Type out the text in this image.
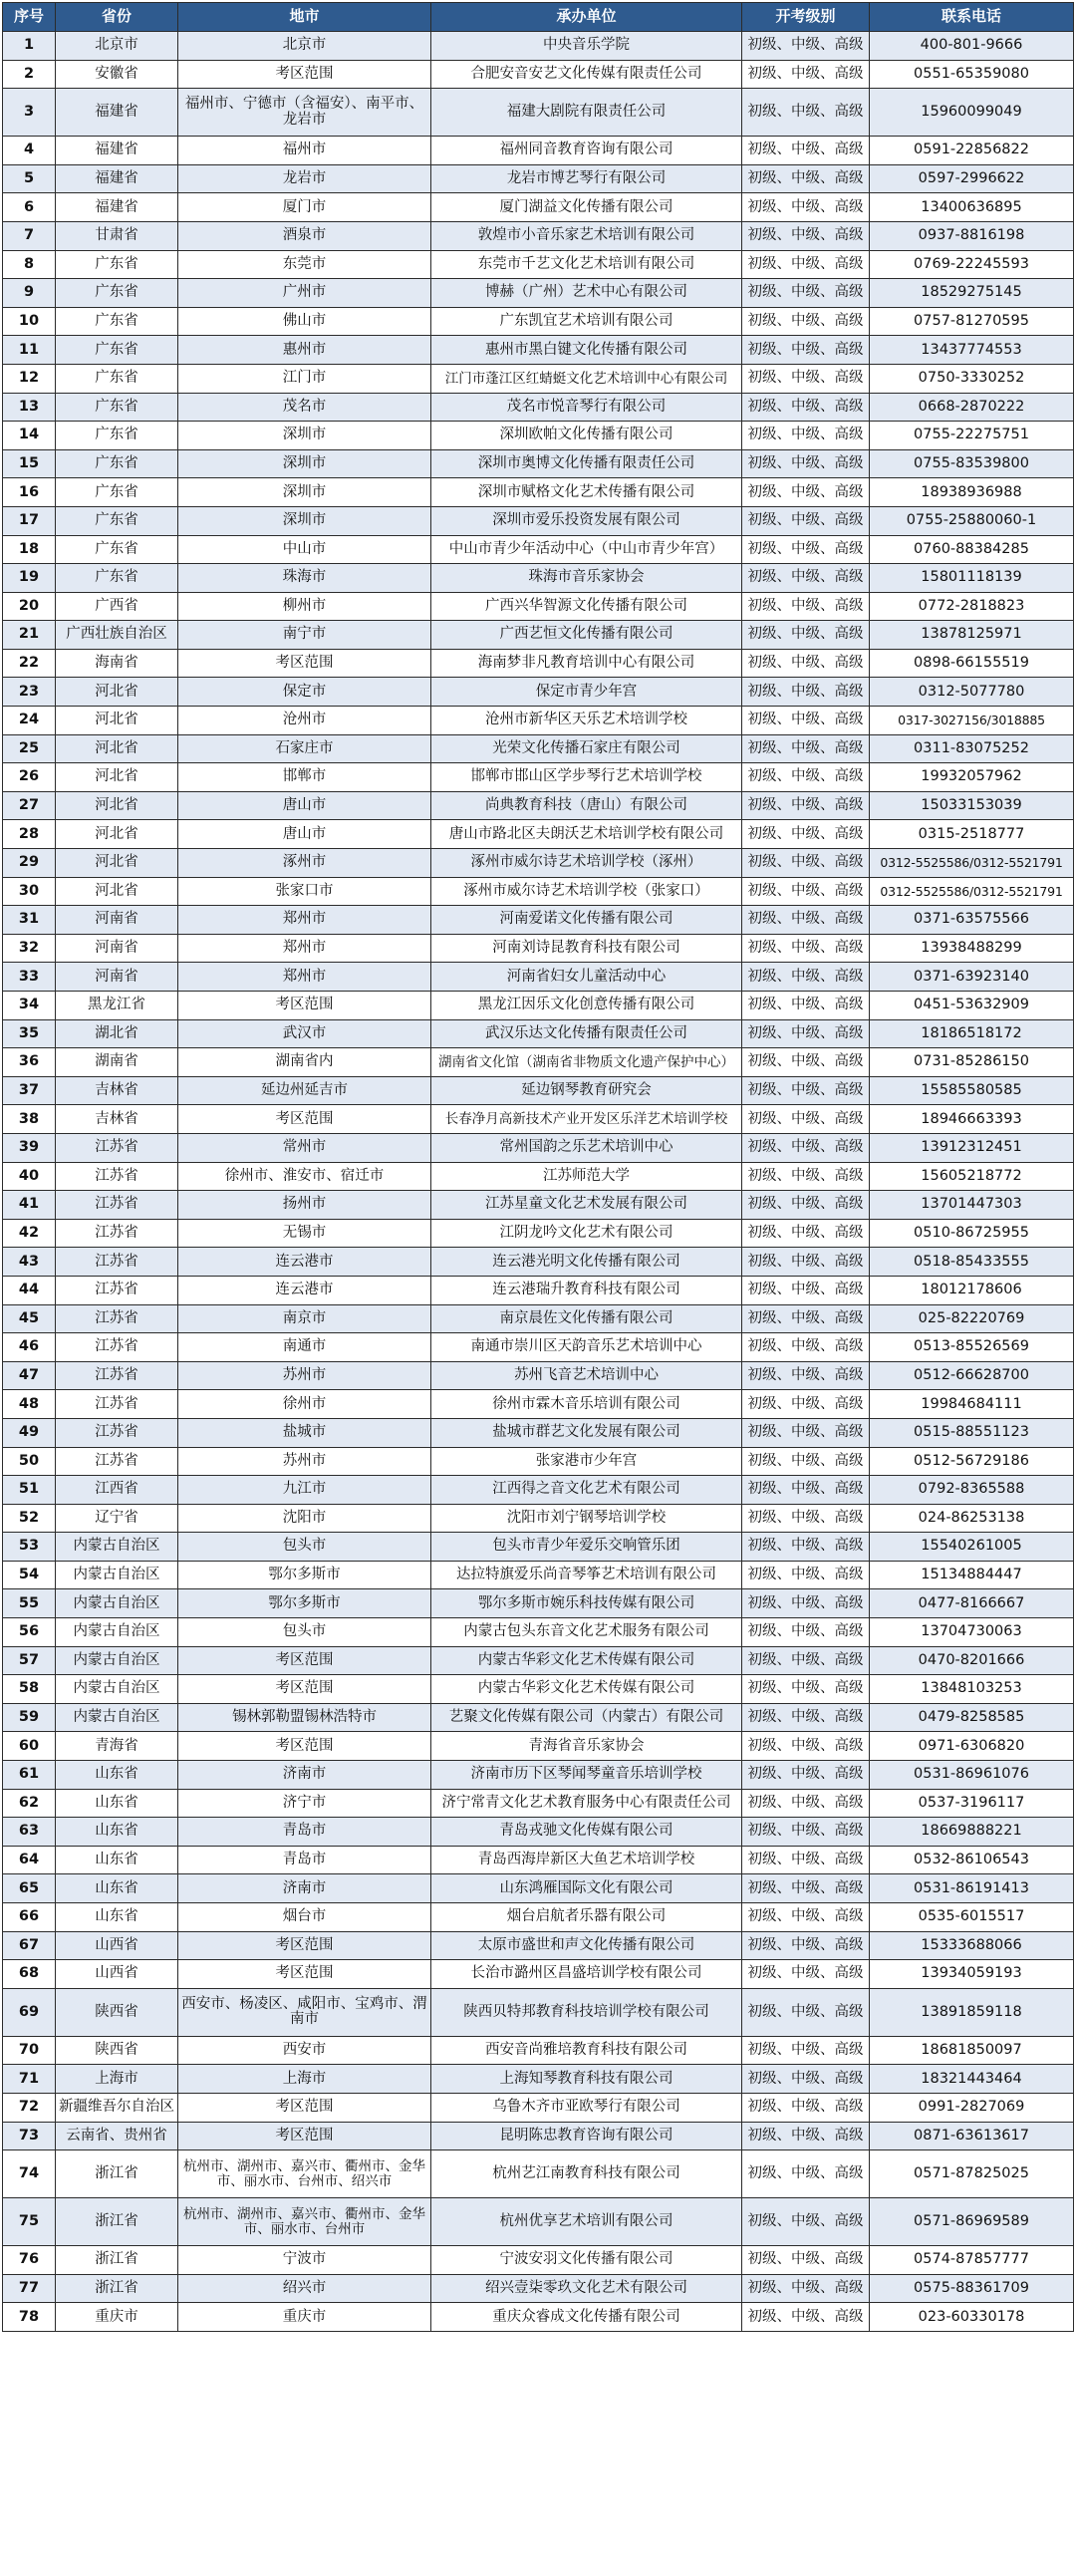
序号	省份	地市	承办单位	开考级别	联系电话
1	北京市	北京市	中央音乐学院	初级、中级、高级	400-801-9666
2	安徽省	考区范围	合肥安音安艺文化传媒有限责任公司	初级、中级、高级	0551-65359080
3	福建省	福州市、宁德市（含福安）、南平市、龙岩市	福建大剧院有限责任公司	初级、中级、高级	15960099049
4	福建省	福州市	福州同音教育咨询有限公司	初级、中级、高级	0591-22856822
5	福建省	龙岩市	龙岩市博艺琴行有限公司	初级、中级、高级	0597-2996622
6	福建省	厦门市	厦门湖益文化传播有限公司	初级、中级、高级	13400636895
7	甘肃省	酒泉市	敦煌市小音乐家艺术培训有限公司	初级、中级、高级	0937-8816198
8	广东省	东莞市	东莞市千艺文化艺术培训有限公司	初级、中级、高级	0769-22245593
9	广东省	广州市	博赫（广州）艺术中心有限公司	初级、中级、高级	18529275145
10	广东省	佛山市	广东凯宜艺术培训有限公司	初级、中级、高级	0757-81270595
11	广东省	惠州市	惠州市黑白键文化传播有限公司	初级、中级、高级	13437774553
12	广东省	江门市	江门市蓬江区红蜻蜓文化艺术培训中心有限公司	初级、中级、高级	0750-3330252
13	广东省	茂名市	茂名市悦音琴行有限公司	初级、中级、高级	0668-2870222
14	广东省	深圳市	深圳欧帕文化传播有限公司	初级、中级、高级	0755-22275751
15	广东省	深圳市	深圳市奥博文化传播有限责任公司	初级、中级、高级	0755-83539800
16	广东省	深圳市	深圳市赋格文化艺术传播有限公司	初级、中级、高级	18938936988
17	广东省	深圳市	深圳市爱乐投资发展有限公司	初级、中级、高级	0755-25880060-1
18	广东省	中山市	中山市青少年活动中心（中山市青少年宫）	初级、中级、高级	0760-88384285
19	广东省	珠海市	珠海市音乐家协会	初级、中级、高级	15801118139
20	广西省	柳州市	广西兴华智源文化传播有限公司	初级、中级、高级	0772-2818823
21	广西壮族自治区	南宁市	广西艺恒文化传播有限公司	初级、中级、高级	13878125971
22	海南省	考区范围	海南梦非凡教育培训中心有限公司	初级、中级、高级	0898-66155519
23	河北省	保定市	保定市青少年宫	初级、中级、高级	0312-5077780
24	河北省	沧州市	沧州市新华区天乐艺术培训学校	初级、中级、高级	0317-3027156/3018885
25	河北省	石家庄市	光荣文化传播石家庄有限公司	初级、中级、高级	0311-83075252
26	河北省	邯郸市	邯郸市邯山区学步琴行艺术培训学校	初级、中级、高级	19932057962
27	河北省	唐山市	尚典教育科技（唐山）有限公司	初级、中级、高级	15033153039
28	河北省	唐山市	唐山市路北区夫朗沃艺术培训学校有限公司	初级、中级、高级	0315-2518777
29	河北省	涿州市	涿州市威尔诗艺术培训学校（涿州）	初级、中级、高级	0312-5525586/0312-5521791
30	河北省	张家口市	涿州市威尔诗艺术培训学校（张家口）	初级、中级、高级	0312-5525586/0312-5521791
31	河南省	郑州市	河南爱诺文化传播有限公司	初级、中级、高级	0371-63575566
32	河南省	郑州市	河南刘诗昆教育科技有限公司	初级、中级、高级	13938488299
33	河南省	郑州市	河南省妇女儿童活动中心	初级、中级、高级	0371-63923140
34	黑龙江省	考区范围	黑龙江因乐文化创意传播有限公司	初级、中级、高级	0451-53632909
35	湖北省	武汉市	武汉乐达文化传播有限责任公司	初级、中级、高级	18186518172
36	湖南省	湖南省内	湖南省文化馆（湖南省非物质文化遗产保护中心）	初级、中级、高级	0731-85286150
37	吉林省	延边州延吉市	延边钢琴教育研究会	初级、中级、高级	15585580585
38	吉林省	考区范围	长春净月高新技术产业开发区乐洋艺术培训学校	初级、中级、高级	18946663393
39	江苏省	常州市	常州国韵之乐艺术培训中心	初级、中级、高级	13912312451
40	江苏省	徐州市、淮安市、宿迁市	江苏师范大学	初级、中级、高级	15605218772
41	江苏省	扬州市	江苏星童文化艺术发展有限公司	初级、中级、高级	13701447303
42	江苏省	无锡市	江阴龙吟文化艺术有限公司	初级、中级、高级	0510-86725955
43	江苏省	连云港市	连云港光明文化传播有限公司	初级、中级、高级	0518-85433555
44	江苏省	连云港市	连云港瑞升教育科技有限公司	初级、中级、高级	18012178606
45	江苏省	南京市	南京晨佐文化传播有限公司	初级、中级、高级	025-82220769
46	江苏省	南通市	南通市崇川区天韵音乐艺术培训中心	初级、中级、高级	0513-85526569
47	江苏省	苏州市	苏州飞音艺术培训中心	初级、中级、高级	0512-66628700
48	江苏省	徐州市	徐州市霖木音乐培训有限公司	初级、中级、高级	19984684111
49	江苏省	盐城市	盐城市群艺文化发展有限公司	初级、中级、高级	0515-88551123
50	江苏省	苏州市	张家港市少年宫	初级、中级、高级	0512-56729186
51	江西省	九江市	江西得之音文化艺术有限公司	初级、中级、高级	0792-8365588
52	辽宁省	沈阳市	沈阳市刘宁钢琴培训学校	初级、中级、高级	024-86253138
53	内蒙古自治区	包头市	包头市青少年爱乐交响管乐团	初级、中级、高级	15540261005
54	内蒙古自治区	鄂尔多斯市	达拉特旗爱乐尚音琴筝艺术培训有限公司	初级、中级、高级	15134884447
55	内蒙古自治区	鄂尔多斯市	鄂尔多斯市婉乐科技传媒有限公司	初级、中级、高级	0477-8166667
56	内蒙古自治区	包头市	内蒙古包头东音文化艺术服务有限公司	初级、中级、高级	13704730063
57	内蒙古自治区	考区范围	内蒙古华彩文化艺术传媒有限公司	初级、中级、高级	0470-8201666
58	内蒙古自治区	考区范围	内蒙古华彩文化艺术传媒有限公司	初级、中级、高级	13848103253
59	内蒙古自治区	锡林郭勒盟锡林浩特市	艺聚文化传媒有限公司（内蒙古）有限公司	初级、中级、高级	0479-8258585
60	青海省	考区范围	青海省音乐家协会	初级、中级、高级	0971-6306820
61	山东省	济南市	济南市历下区琴闻琴童音乐培训学校	初级、中级、高级	0531-86961076
62	山东省	济宁市	济宁常青文化艺术教育服务中心有限责任公司	初级、中级、高级	0537-3196117
63	山东省	青岛市	青岛戎驰文化传媒有限公司	初级、中级、高级	18669888221
64	山东省	青岛市	青岛西海岸新区大鱼艺术培训学校	初级、中级、高级	0532-86106543
65	山东省	济南市	山东鸿雁国际文化有限公司	初级、中级、高级	0531-86191413
66	山东省	烟台市	烟台启航者乐器有限公司	初级、中级、高级	0535-6015517
67	山西省	考区范围	太原市盛世和声文化传播有限公司	初级、中级、高级	15333688066
68	山西省	考区范围	长治市潞州区昌盛培训学校有限公司	初级、中级、高级	13934059193
69	陕西省	西安市、杨凌区、咸阳市、宝鸡市、渭南市	陕西贝特邦教育科技培训学校有限公司	初级、中级、高级	13891859118
70	陕西省	西安市	西安音尚雅培教育科技有限公司	初级、中级、高级	18681850097
71	上海市	上海市	上海知琴教育科技有限公司	初级、中级、高级	18321443464
72	新疆维吾尔自治区	考区范围	乌鲁木齐市亚欧琴行有限公司	初级、中级、高级	0991-2827069
73	云南省、贵州省	考区范围	昆明陈忠教育咨询有限公司	初级、中级、高级	0871-63613617
74	浙江省	杭州市、湖州市、嘉兴市、衢州市、金华市、丽水市、台州市、绍兴市	杭州艺江南教育科技有限公司	初级、中级、高级	0571-87825025
75	浙江省	杭州市、湖州市、嘉兴市、衢州市、金华市、丽水市、台州市	杭州优享艺术培训有限公司	初级、中级、高级	0571-86969589
76	浙江省	宁波市	宁波安羽文化传播有限公司	初级、中级、高级	0574-87857777
77	浙江省	绍兴市	绍兴壹柒零玖文化艺术有限公司	初级、中级、高级	0575-88361709
78	重庆市	重庆市	重庆众睿成文化传播有限公司	初级、中级、高级	023-60330178
